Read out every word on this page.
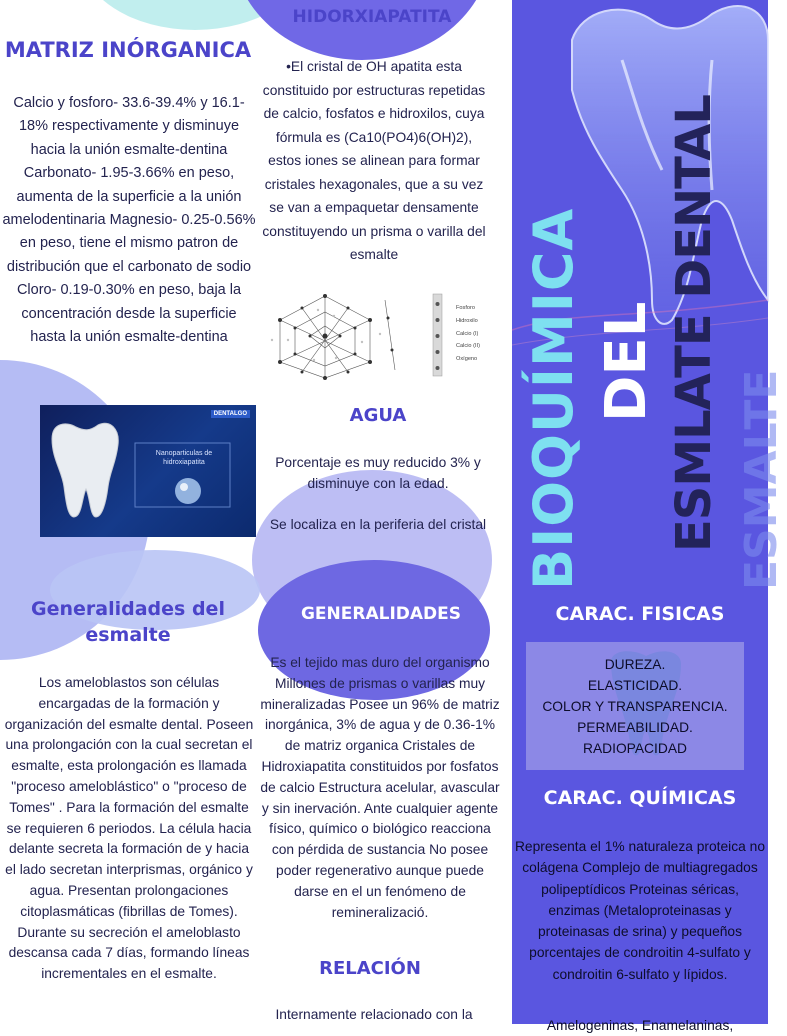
MATRIZ INÓRGANICA
Calcio y fosforo- 33.6-39.4% y 16.1-18% respectivamente y disminuye hacia la unión esmalte-dentina Carbonato- 1.95-3.66% en peso, aumenta de la superficie a la unión amelodentinaria Magnesio- 0.25-0.56% en peso, tiene el mismo patron de distribución que el carbonato de sodio Cloro- 0.19-0.30% en peso, baja la concentración desde la superficie hasta la unión esmalte-dentina
DENTALGO
Nanoparticulas de hidroxiapatita
Generalidades del esmalte
Los ameloblastos son células encargadas de la formación y organización del esmalte dental. Poseen una prolongación con la cual secretan el esmalte, esta prolongación es llamada "proceso ameloblástico" o "proceso de Tomes" . Para la formación del esmalte se requieren 6 periodos. La célula hacia delante secreta la formación de y hacia el lado secretan interprismas, orgánico y agua. Presentan prolongaciones citoplasmáticas (fibrillas de Tomes). Durante su secreción el ameloblasto descansa cada 7 días, formando líneas incrementales en el esmalte.
HIDORXIAPATITA
•El cristal de OH apatita esta constituido por estructuras repetidas de calcio, fosfatos e hidroxilos, cuya fórmula es (Ca10(PO4)6(OH)2), estos iones se alinean para formar cristales hexagonales, que a su vez se van a empaquetar densamente constituyendo un prisma o varilla del esmalte
Fosforo
Hidroxilo
Calcio (I)
Calcio (II)
Oxígeno
AGUA
Porcentaje es muy reducido 3% y disminuye con la edad.
Se localiza en la periferia del cristal
GENERALIDADES
Es el tejido mas duro del organismo Millones de prismas o varillas muy mineralizadas Posee un 96% de matriz inorgánica, 3% de agua y de 0.36-1% de matriz organica Cristales de Hidroxiapatita constituidos por fosfatos de calcio Estructura acelular, avascular y sin inervación. Ante cualquier agente físico, químico o biológico reacciona con pérdida de sustancia No posee poder regenerativo aunque puede darse en el un fenómeno de remineralizació.
RELACIÓN
Internamente relacionado con la
ESMALTE
BIOQUÍMICA DEL ESMLATE DENTAL
CARAC. FISICAS
DUREZA.
ELASTICIDAD.
COLOR Y TRANSPARENCIA.
PERMEABILIDAD.
RADIOPACIDAD
CARAC. QUÍMICAS
Representa el 1% naturaleza proteica no colágena Complejo de multiagregados polipeptídicos Proteinas séricas, enzimas (Metaloproteinasas y proteinasas de srina) y pequeños porcentajes de condroitin 4-sulfato y condroitin 6-sulfato y lípidos.
Amelogeninas, Enamelaninas,
